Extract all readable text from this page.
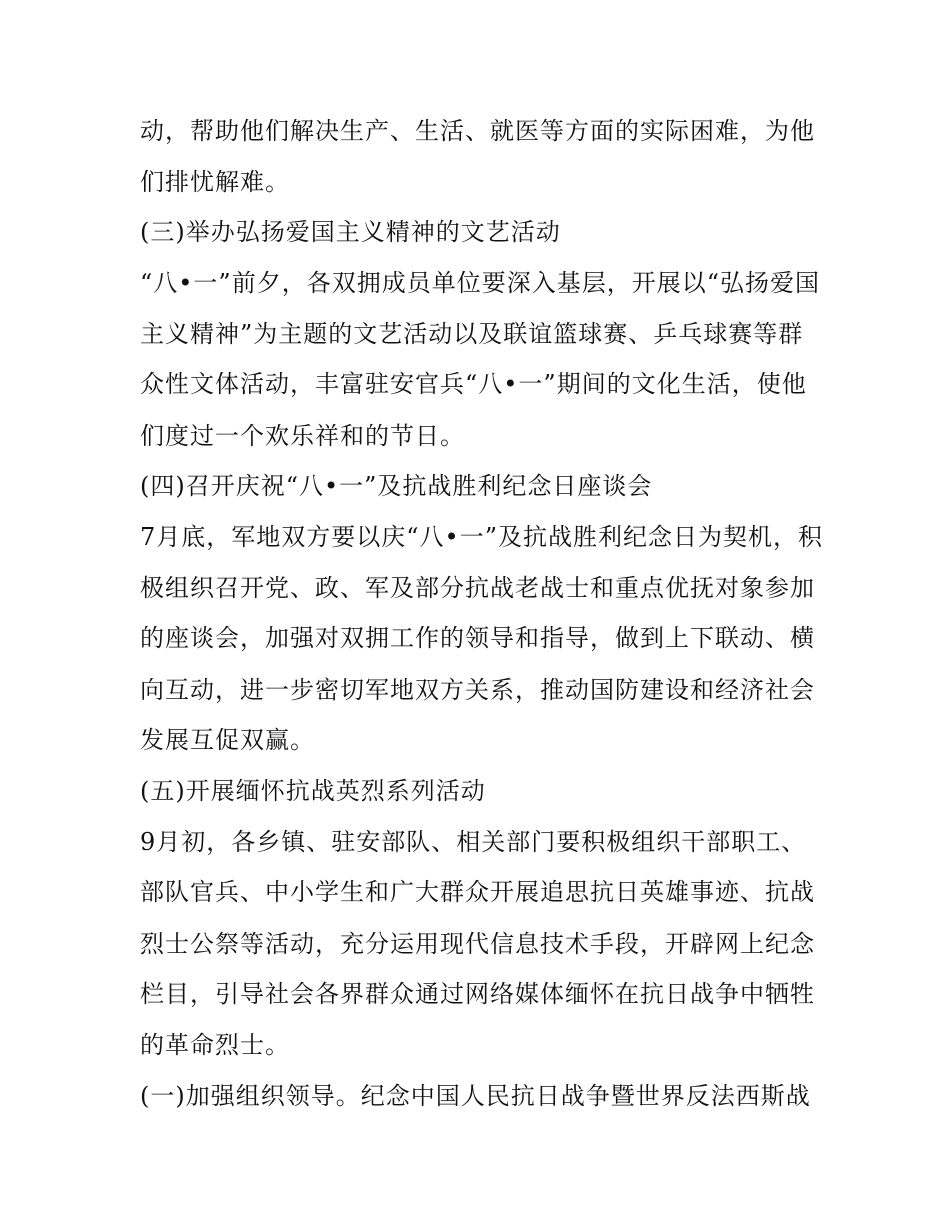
动，帮助他们解决生产、生活、就医等方面的实际困难，为他
们排忧解难。
(三)举办弘扬爱国主义精神的文艺活动
“八•一”前夕，各双拥成员单位要深入基层，开展以“弘扬爱国
主义精神”为主题的文艺活动以及联谊篮球赛、乒乓球赛等群
众性文体活动，丰富驻安官兵“八•一”期间的文化生活，使他
们度过一个欢乐祥和的节日。
(四)召开庆祝“八•一”及抗战胜利纪念日座谈会
7月底，军地双方要以庆“八•一”及抗战胜利纪念日为契机，积
极组织召开党、政、军及部分抗战老战士和重点优抚对象参加
的座谈会，加强对双拥工作的领导和指导，做到上下联动、横
向互动，进一步密切军地双方关系，推动国防建设和经济社会
发展互促双赢。
(五)开展缅怀抗战英烈系列活动
9月初，各乡镇、驻安部队、相关部门要积极组织干部职工、
部队官兵、中小学生和广大群众开展追思抗日英雄事迹、抗战
烈士公祭等活动，充分运用现代信息技术手段，开辟网上纪念
栏目，引导社会各界群众通过网络媒体缅怀在抗日战争中牺牲
的革命烈士。
(一)加强组织领导。纪念中国人民抗日战争暨世界反法西斯战
